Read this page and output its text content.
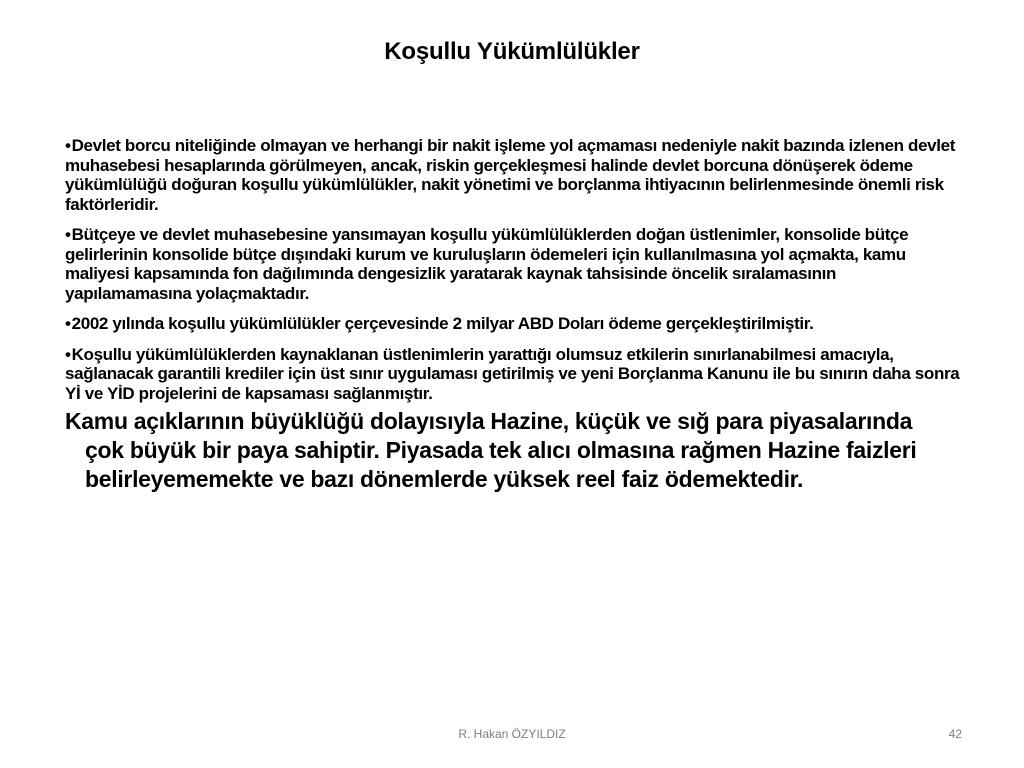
Koşullu Yükümlülükler

•Devlet borcu niteliğinde olmayan ve herhangi bir nakit işleme yol açmaması nedeniyle nakit bazında izlenen devlet muhasebesi hesaplarında görülmeyen, ancak, riskin gerçekleşmesi halinde devlet borcuna dönüşerek ödeme yükümlülüğü doğuran koşullu yükümlülükler, nakit yönetimi ve borçlanma ihtiyacının belirlenmesinde önemli risk faktörleridir.

•Bütçeye ve devlet muhasebesine yansımayan koşullu yükümlülüklerden doğan üstlenimler, konsolide bütçe gelirlerinin konsolide bütçe dışındaki kurum ve kuruluşların ödemeleri için kullanılmasına yol açmakta, kamu maliyesi kapsamında fon dağılımında dengesizlik yaratarak kaynak tahsisinde öncelik sıralamasının yapılamamasına yolaçmaktadır.

•2002 yılında koşullu yükümlülükler çerçevesinde 2 milyar ABD Doları ödeme gerçekleştirilmiştir.

•Koşullu yükümlülüklerden kaynaklanan üstlenimlerin yarattığı olumsuz etkilerin sınırlanabilmesi amacıyla, sağlanacak garantili krediler için üst sınır uygulaması getirilmiş ve yeni Borçlanma Kanunu ile bu sınırın daha sonra Yİ ve YİD projelerini de kapsaması sağlanmıştır.

Kamu açıklarının büyüklüğü dolayısıyla Hazine, küçük ve sığ para piyasalarında çok büyük bir paya sahiptir. Piyasada tek alıcı olmasına rağmen Hazine faizleri belirleyememekte ve bazı dönemlerde yüksek reel faiz ödemektedir.

R. Hakan ÖZYILDIZ	42
